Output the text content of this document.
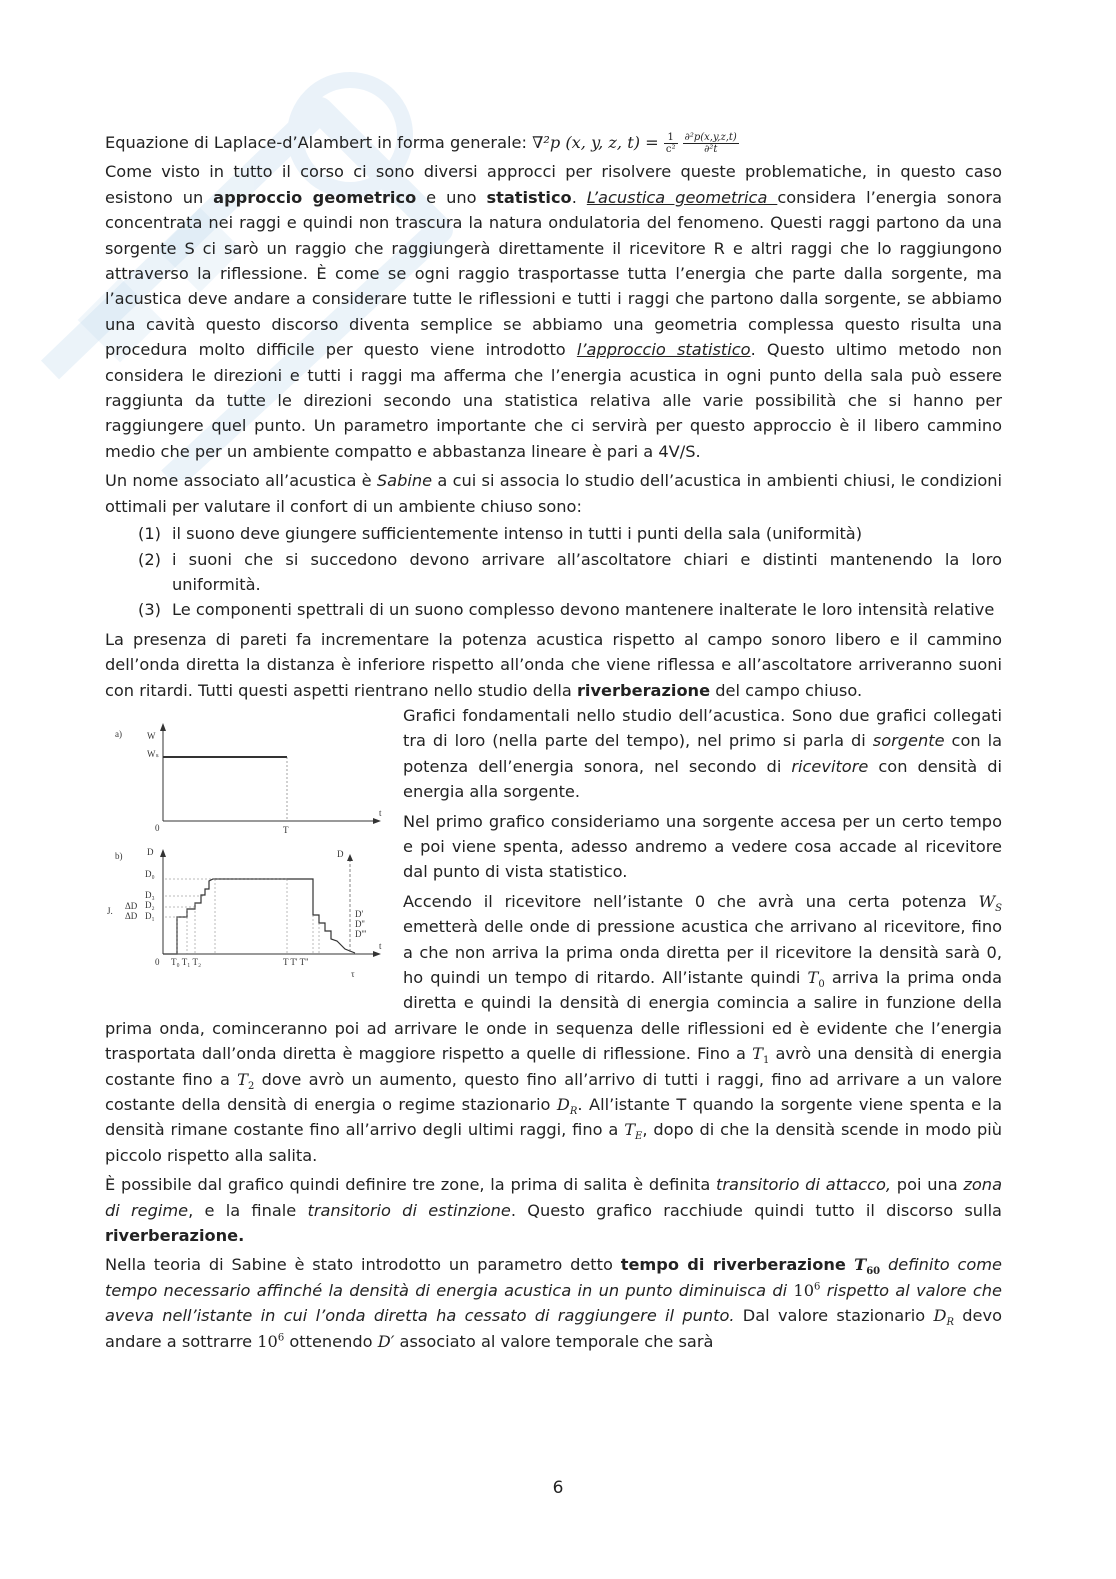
Equazione di Laplace-d’Alambert in forma generale: ∇²p (x, y, z, $t) = \frac{1}{\text{c²}}$
$\frac{\text{∂²p(x,y,z,t)}}{\text{∂²t}}$

Come visto in tutto il corso ci sono diversi approcci per risolvere queste problematiche, in questo caso esistono un approccio geometrico e uno statistico. L’acustica geometrica considera l’energia sonora concentrata nei raggi e quindi non trascura la natura ondulatoria del fenomeno. Questi raggi partono da una sorgente S ci sarò un raggio che raggiungerà direttamente il ricevitore R e altri raggi che lo raggiungono attraverso la riflessione. È come se ogni raggio trasportasse tutta l’energia che parte dalla sorgente, ma l’acustica deve andare a considerare tutte le riflessioni e tutti i raggi che partono dalla sorgente, se abbiamo una cavità questo discorso diventa semplice se abbiamo una geometria complessa questo risulta una procedura molto difficile per questo viene introdotto l’approccio statistico. Questo ultimo metodo non considera le direzioni e tutti i raggi ma afferma che l’energia acustica in ogni punto della sala può essere raggiunta da tutte le direzioni secondo una statistica relativa alle varie possibilità che si hanno per raggiungere quel punto. Un parametro importante che ci servirà per questo approccio è il libero cammino medio che per un ambiente compatto e abbastanza lineare è pari a 4V/S.

Un nome associato all’acustica è Sabine a cui si associa lo studio dell’acustica in ambienti chiusi, le condizioni ottimali per valutare il confort di un ambiente chiuso sono:

(1) il suono deve giungere sufficientemente intenso in tutti i punti della sala (uniformità)
(2) i suoni che si succedono devono arrivare all’ascoltatore chiari e distinti mantenendo la loro uniformità.
(3) Le componenti spettrali di un suono complesso devono mantenere inalterate le loro intensità relative

La presenza di pareti fa incrementare la potenza acustica rispetto al campo sonoro libero e il cammino dell’onda diretta la distanza è inferiore rispetto all’onda che viene riflessa e all’ascoltatore arriveranno suoni con ritardi. Tutti questi aspetti rientrano nello studio della riverberazione del campo chiuso.

a)	W
Wₛ
0	T
t
b)	D
D₀
D₃
D₂
D₁
ΔD
ΔD
J.
D
D'
D''
D'''
0 T₀ T₁ T₂	T T' T''
t
τ

Grafici fondamentali nello studio dell’acustica. Sono due grafici collegati tra di loro (nella parte del tempo), nel primo si parla di sorgente con la potenza dell’energia sonora, nel secondo di ricevitore con densità di energia alla sorgente.

Nel primo grafico consideriamo una sorgente accesa per un certo tempo e poi viene spenta, adesso andremo a vedere cosa accade al ricevitore dal punto di vista statistico.

Accendo il ricevitore nell’istante 0 che avrà una certa potenza $W_S$ emetterà delle onde di pressione acustica che arrivano al ricevitore, fino a che non arriva la prima onda diretta per il ricevitore la densità sarà 0, ho quindi un tempo di ritardo. All’istante quindi $T_0$ arriva la prima onda diretta e quindi la densità di energia comincia a salire in funzione della prima onda, cominceranno poi ad arrivare le onde in sequenza delle riflessioni ed è evidente che l’energia trasportata dall’onda diretta è maggiore rispetto a quelle di riflessione. Fino a $T_1$ avrò una densità di energia costante fino a $T_2$ dove avrò un aumento, questo fino all’arrivo di tutti i raggi, fino ad arrivare a un valore costante della densità di energia o regime stazionario $D_R$. All’istante T quando la sorgente viene spenta e la densità rimane costante fino all’arrivo degli ultimi raggi, fino a $T_E$, dopo di che la densità scende in modo più piccolo rispetto alla salita.

È possibile dal grafico quindi definire tre zone, la prima di salita è definita transitorio di attacco, poi una zona di regime, e la finale transitorio di estinzione. Questo grafico racchiude quindi tutto il discorso sulla riverberazione.

Nella teoria di Sabine è stato introdotto un parametro detto tempo di riverberazione $T_{60}$ definito come tempo necessario affinché la densità di energia acustica in un punto diminuisca di $10^6$ rispetto al valore che aveva nell’istante in cui l’onda diretta ha cessato di raggiungere il punto. Dal valore stazionario $D_R$ devo andare a sottrarre $10^6$ ottenendo D′ associato al valore temporale che sarà

6
